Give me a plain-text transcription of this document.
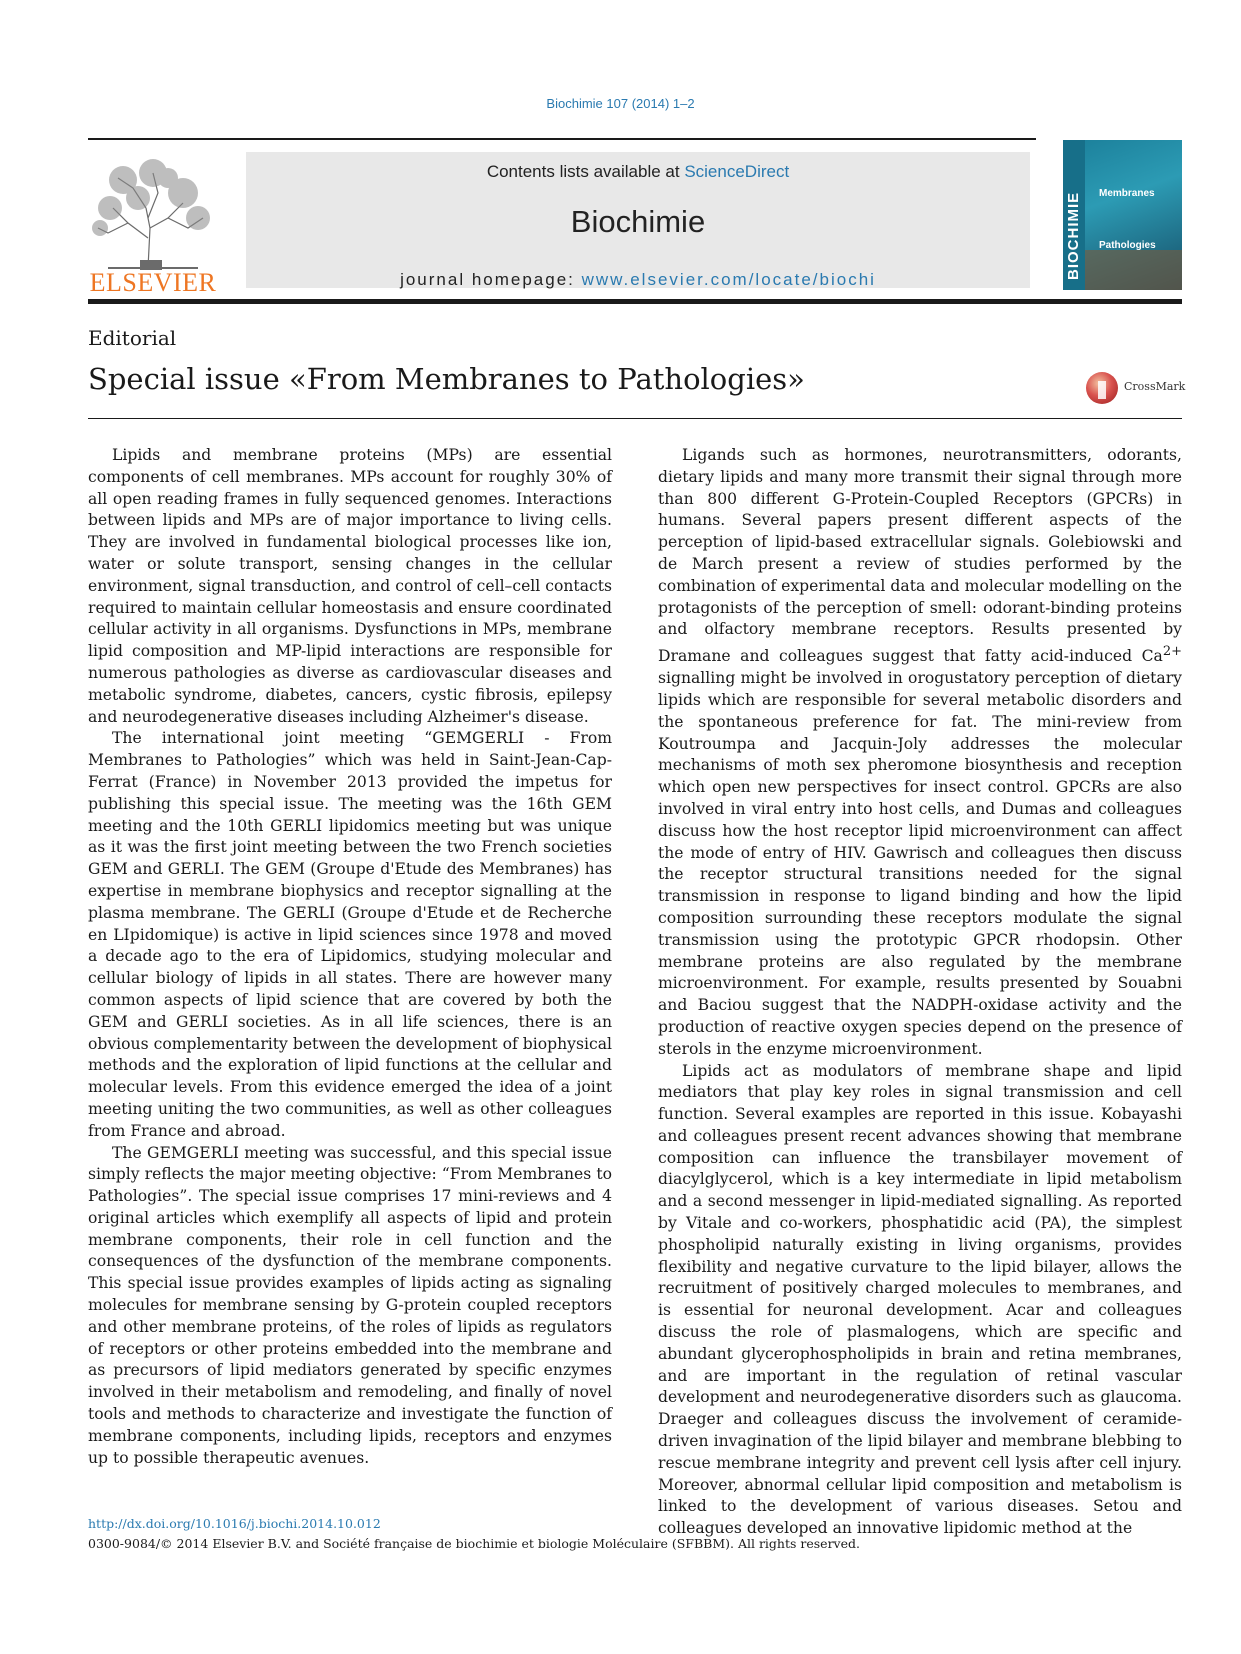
Biochimie 107 (2014) 1–2
ELSEVIER
Contents lists available at ScienceDirect
Biochimie
journal homepage: www.elsevier.com/locate/biochi	BIOCHIMIE Membranes
Pathologies
Editorial
Special issue «From Membranes to Pathologies»	CrossMark

Lipids and membrane proteins (MPs) are essential components of cell membranes. MPs account for roughly 30% of all open reading frames in fully sequenced genomes. Interactions between lipids and MPs are of major importance to living cells. They are involved in fundamental biological processes like ion, water or solute transport, sensing changes in the cellular environment, signal transduction, and control of cell–cell contacts required to maintain cellular homeostasis and ensure coordinated cellular activity in all organisms. Dysfunctions in MPs, membrane lipid composition and MP-lipid interactions are responsible for numerous pathologies as diverse as cardiovascular diseases and metabolic syndrome, diabetes, cancers, cystic fibrosis, epilepsy and neurodegenerative diseases including Alzheimer's disease.

The international joint meeting “GEMGERLI - From Membranes to Pathologies” which was held in Saint-Jean-Cap-Ferrat (France) in November 2013 provided the impetus for publishing this special issue. The meeting was the 16th GEM meeting and the 10th GERLI lipidomics meeting but was unique as it was the first joint meeting between the two French societies GEM and GERLI. The GEM (Groupe d'Etude des Membranes) has expertise in membrane biophysics and receptor signalling at the plasma membrane. The GERLI (Groupe d'Etude et de Recherche en LIpidomique) is active in lipid sciences since 1978 and moved a decade ago to the era of Lipidomics, studying molecular and cellular biology of lipids in all states. There are however many common aspects of lipid science that are covered by both the GEM and GERLI societies. As in all life sciences, there is an obvious complementarity between the development of biophysical methods and the exploration of lipid functions at the cellular and molecular levels. From this evidence emerged the idea of a joint meeting uniting the two communities, as well as other colleagues from France and abroad.

The GEMGERLI meeting was successful, and this special issue simply reflects the major meeting objective: “From Membranes to Pathologies”. The special issue comprises 17 mini-reviews and 4 original articles which exemplify all aspects of lipid and protein membrane components, their role in cell function and the consequences of the dysfunction of the membrane components. This special issue provides examples of lipids acting as signaling molecules for membrane sensing by G-protein coupled receptors and other membrane proteins, of the roles of lipids as regulators of receptors or other proteins embedded into the membrane and as precursors of lipid mediators generated by specific enzymes involved in their metabolism and remodeling, and finally of novel tools and methods to characterize and investigate the function of membrane components, including lipids, receptors and enzymes up to possible therapeutic avenues.

Ligands such as hormones, neurotransmitters, odorants, dietary lipids and many more transmit their signal through more than 800 different G-Protein-Coupled Receptors (GPCRs) in humans. Several papers present different aspects of the perception of lipid-based extracellular signals. Golebiowski and de March present a review of studies performed by the combination of experimental data and molecular modelling on the protagonists of the perception of smell: odorant-binding proteins and olfactory membrane receptors. Results presented by Dramane and colleagues suggest that fatty acid-induced $Ca^{2+}$ signalling might be involved in orogustatory perception of dietary lipids which are responsible for several metabolic disorders and the spontaneous preference for fat. The mini-review from Koutroumpa and Jacquin-Joly addresses the molecular mechanisms of moth sex pheromone biosynthesis and reception which open new perspectives for insect control. GPCRs are also involved in viral entry into host cells, and Dumas and colleagues discuss how the host receptor lipid microenvironment can affect the mode of entry of HIV. Gawrisch and colleagues then discuss the receptor structural transitions needed for the signal transmission in response to ligand binding and how the lipid composition surrounding these receptors modulate the signal transmission using the prototypic GPCR rhodopsin. Other membrane proteins are also regulated by the membrane microenvironment. For example, results presented by Souabni and Baciou suggest that the NADPH-oxidase activity and the production of reactive oxygen species depend on the presence of sterols in the enzyme microenvironment.

Lipids act as modulators of membrane shape and lipid mediators that play key roles in signal transmission and cell function. Several examples are reported in this issue. Kobayashi and colleagues present recent advances showing that membrane composition can influence the transbilayer movement of diacylglycerol, which is a key intermediate in lipid metabolism and a second messenger in lipid-mediated signalling. As reported by Vitale and co-workers, phosphatidic acid (PA), the simplest phospholipid naturally existing in living organisms, provides flexibility and negative curvature to the lipid bilayer, allows the recruitment of positively charged molecules to membranes, and is essential for neuronal development. Acar and colleagues discuss the role of plasmalogens, which are specific and abundant glycerophospholipids in brain and retina membranes, and are important in the regulation of retinal vascular development and neurodegenerative disorders such as glaucoma. Draeger and colleagues discuss the involvement of ceramide-driven invagination of the lipid bilayer and membrane blebbing to rescue membrane integrity and prevent cell lysis after cell injury. Moreover, abnormal cellular lipid composition and metabolism is linked to the development of various diseases. Setou and colleagues developed an innovative lipidomic method at the

http://dx.doi.org/10.1016/j.biochi.2014.10.012
0300-9084/© 2014 Elsevier B.V. and Société française de biochimie et biologie Moléculaire (SFBBM). All rights reserved.
